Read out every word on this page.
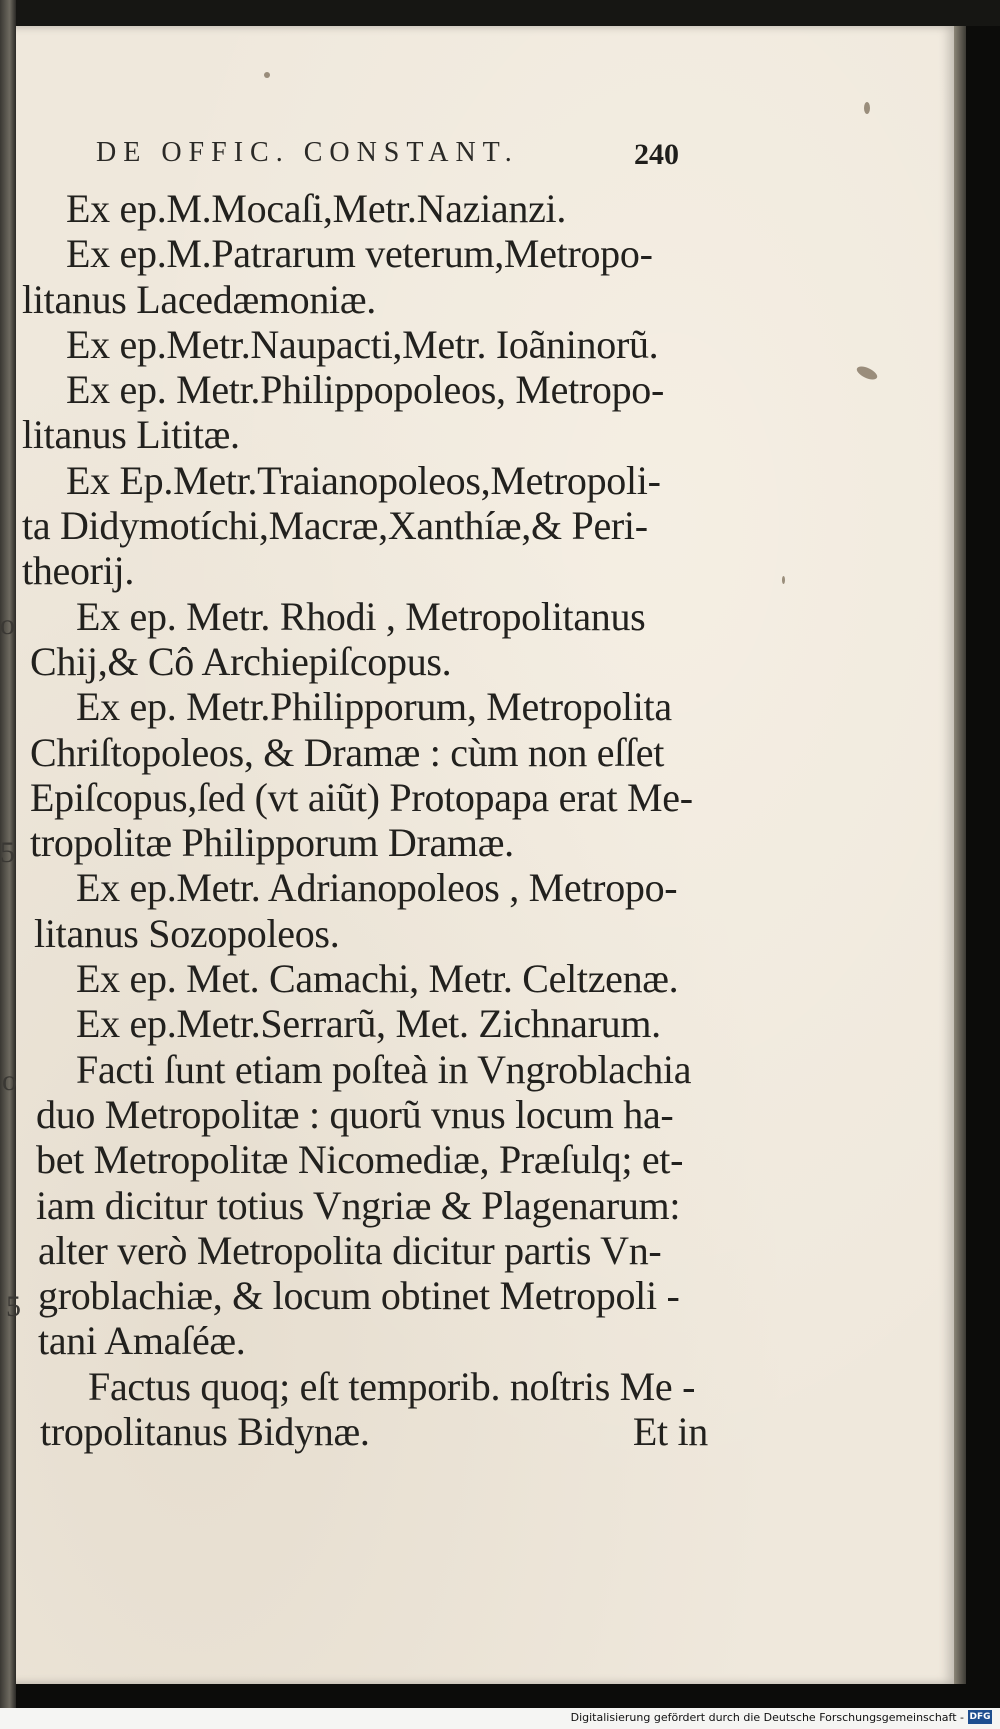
DE OFFIC. CONSTANT.	240
Ex ep.M.Mocaſi,Metr.Nazianzi.
Ex ep.M.Patrarum veterum,Metropo-
litanus Lacedæmoniæ.
Ex ep.Metr.Naupacti,Metr. Ioãninorũ.
Ex ep. Metr.Philippopoleos, Metropo-
litanus Lititæ.
Ex Ep.Metr.Traianopoleos,Metropoli-
ta Didymotíchi,Macræ,Xanthíæ,& Peri-
theorij.
Ex ep. Metr. Rhodi , Metropolitanus
Chij,& Cô Archiepiſcopus.
Ex ep. Metr.Philipporum, Metropolita
Chriſtopoleos, & Dramæ : cùm non eſſet
Epiſcopus,ſed (vt aiũt) Protopapa erat Me-
tropolitæ Philipporum Dramæ.
Ex ep.Metr. Adrianopoleos , Metropo-
litanus Sozopoleos.
Ex ep. Met. Camachi, Metr. Celtzenæ.
Ex ep.Metr.Serrarũ, Met. Zichnarum.
Facti ſunt etiam poſteà in Vngroblachia
duo Metropolitæ : quorũ vnus locum ha-
bet Metropolitæ Nicomediæ, Præſulq; et-
iam dicitur totius Vngriæ & Plagenarum:
alter verò Metropolita dicitur partis Vn-
groblachiæ, & locum obtinet Metropoli -
tani Amaſéæ.
Factus quoq; eſt temporib. noſtris Me -
tropolitanus Bidynæ.	Et in
o
5
o
5
Digitalisierung gefördert durch die Deutsche Forschungsgemeinschaft - DFG
